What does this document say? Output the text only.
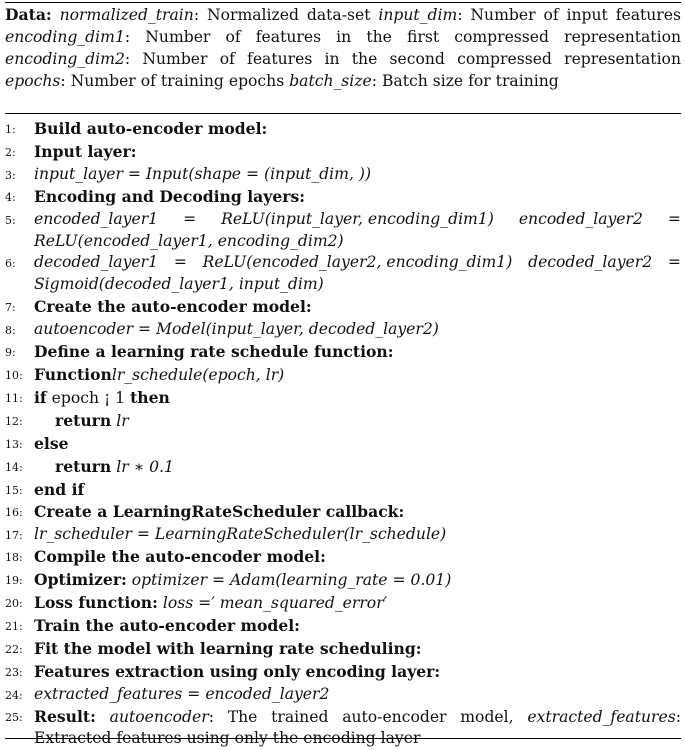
Data: normalized_train: Normalized data-set input_dim: Number of input features encoding_dim1: Number of features in the first compressed representation encoding_dim2: Number of features in the second compressed representation epochs: Number of training epochs batch_size: Batch size for training
1:	Build auto-encoder model:
2:	Input layer:
3:	input_layer = Input(shape = (input_dim, ))
4:	Encoding and Decoding layers:
5:	encoded_layer1 = ReLU(input_layer, encoding_dim1) encoded_layer2 =
ReLU(encoded_layer1, encoding_dim2)
6:	decoded_layer1 = ReLU(encoded_layer2, encoding_dim1) decoded_layer2 =
Sigmoid(decoded_layer1, input_dim)
7:	Create the auto-encoder model:
8:	autoencoder = Model(input_layer, decoded_layer2)
9:	Define a learning rate schedule function:
10: Functionlr_schedule(epoch, lr)
11: if epoch ¡ 1 then
12: return lr
13: else
14: return lr ∗ 0.1
15: end if
16: Create a LearningRateScheduler callback:
17: lr_scheduler = LearningRateScheduler(lr_schedule)
18: Compile the auto-encoder model:
19: Optimizer: optimizer = Adam(learning_rate = 0.01)
20: Loss function: loss =′ mean_squared_error′
21: Train the auto-encoder model:
22: Fit the model with learning rate scheduling:
23: Features extraction using only encoding layer:
24: extracted_features = encoded_layer2
25: Result: autoencoder: The trained auto-encoder model, extracted_features: Extracted features using only the encoding layer
